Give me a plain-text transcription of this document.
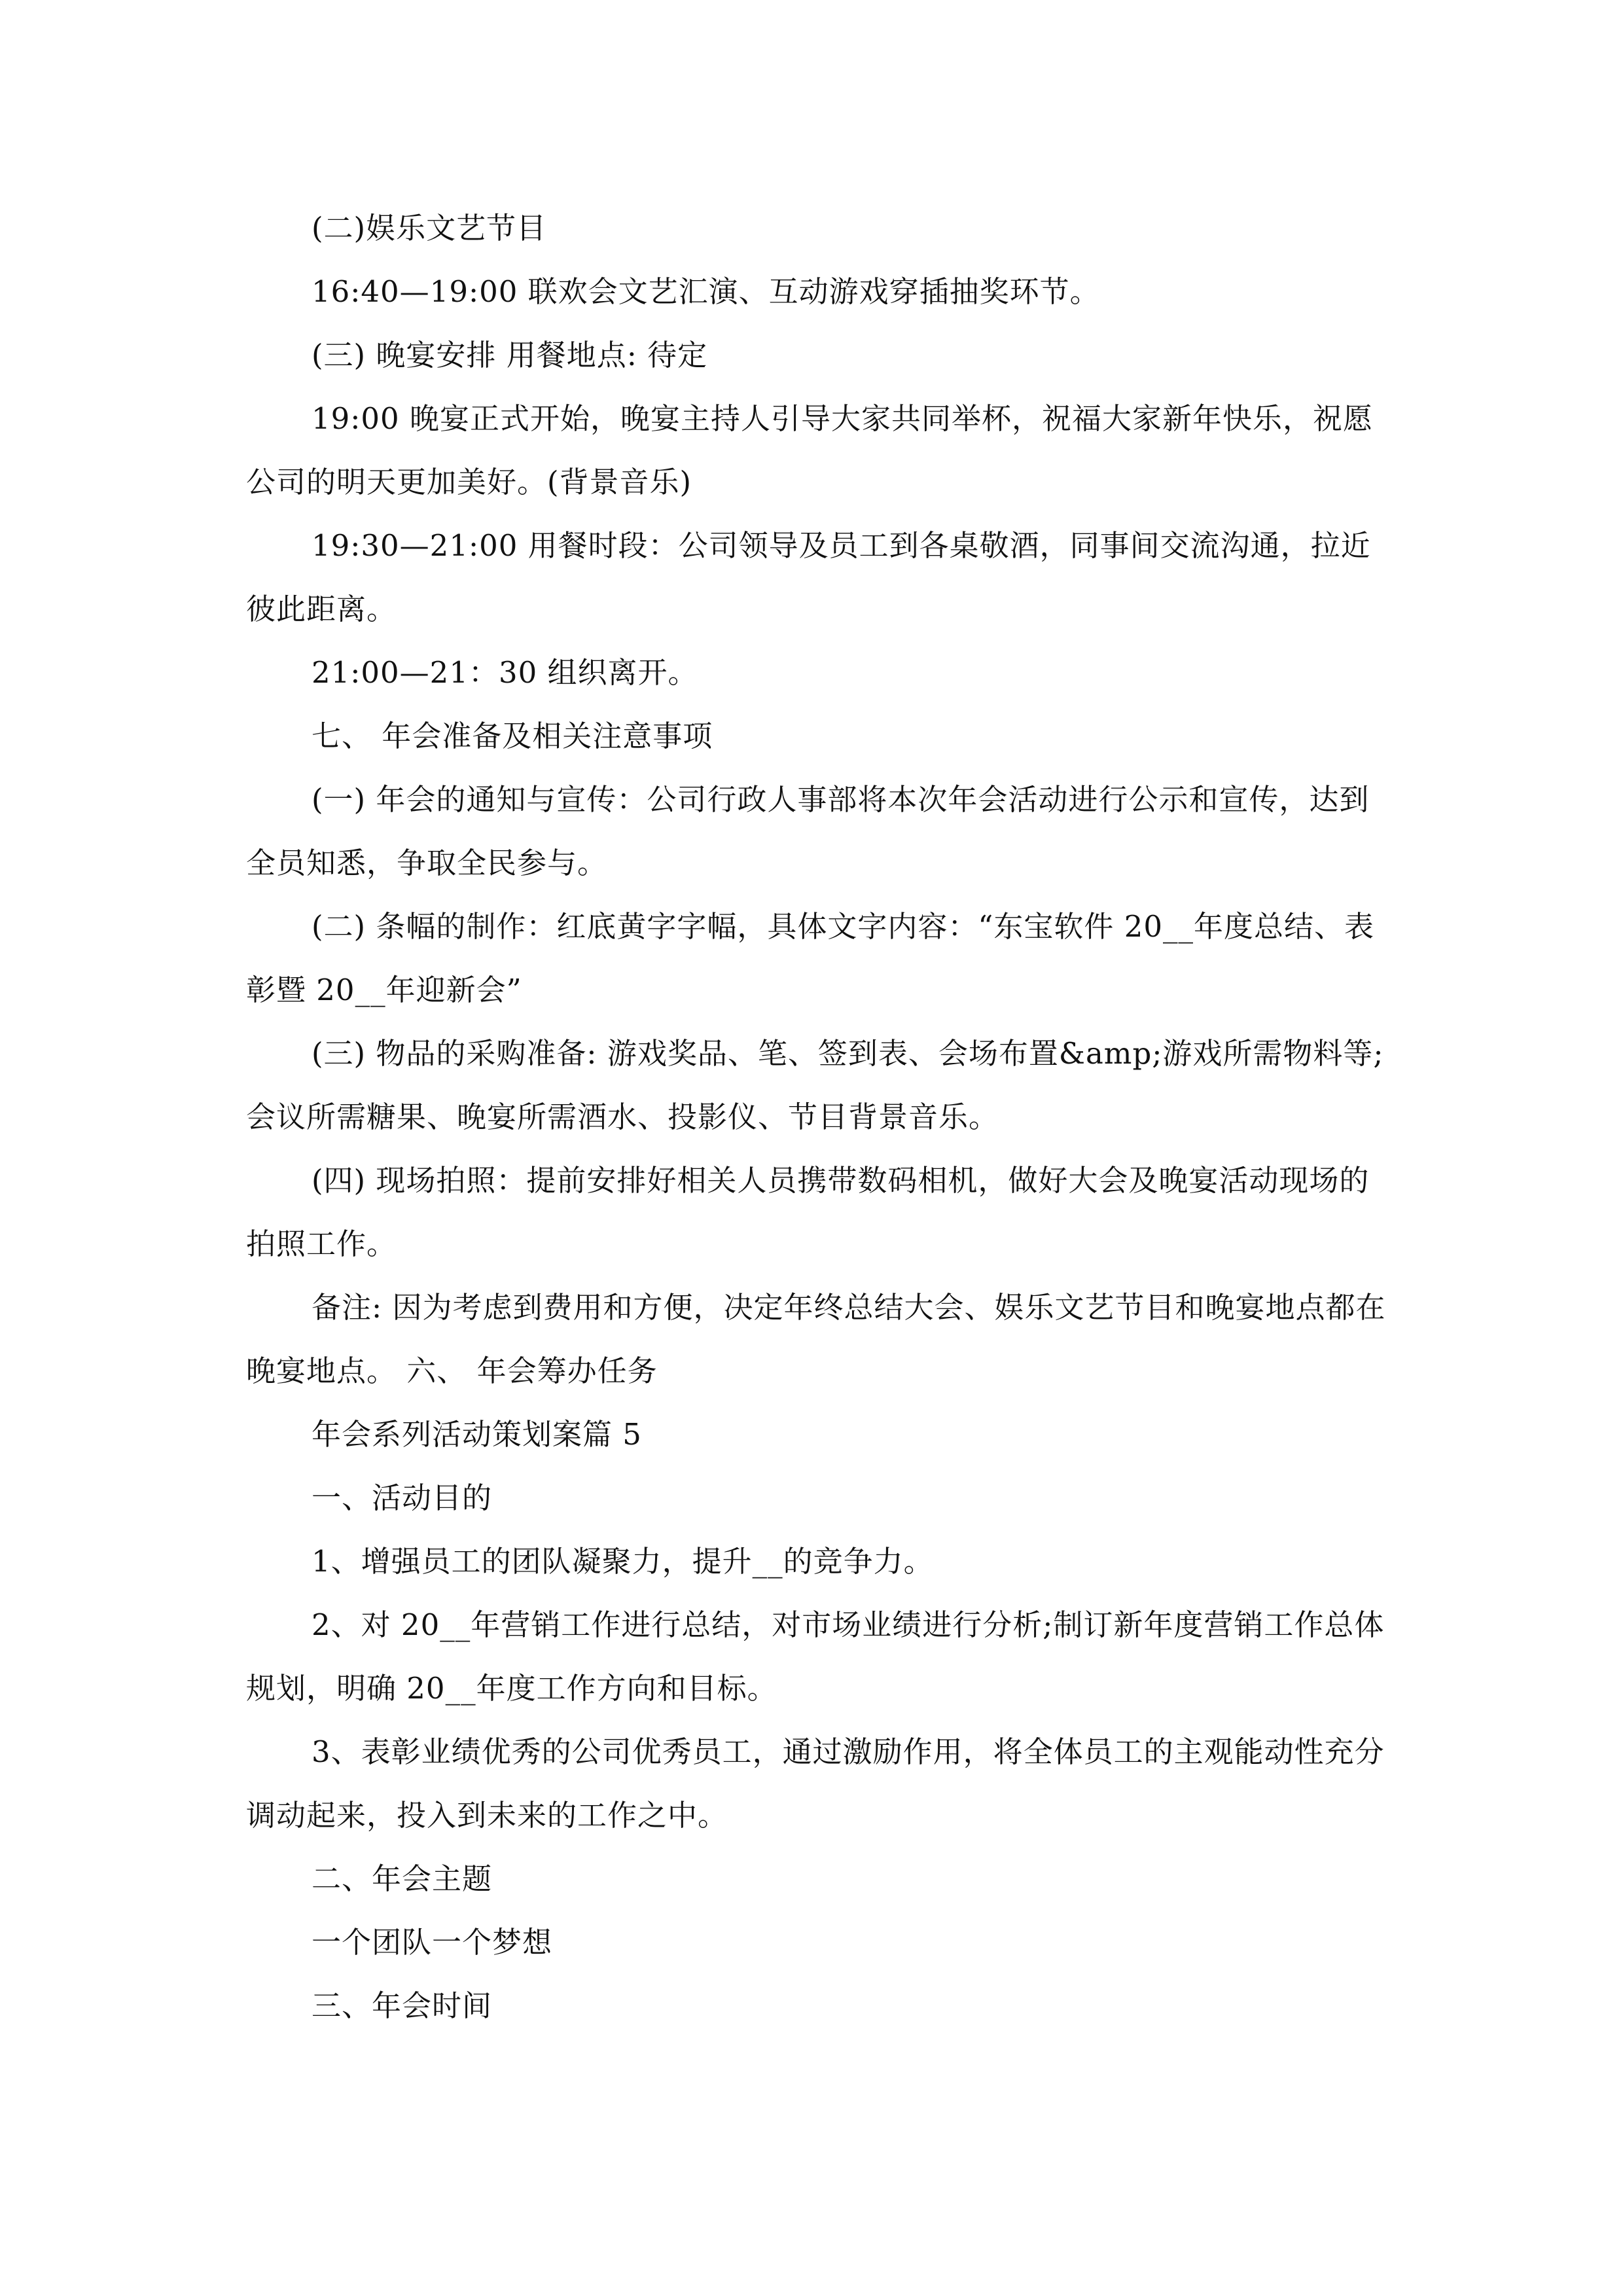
(二)娱乐文艺节目

16:40—19:00 联欢会文艺汇演、互动游戏穿插抽奖环节。

(三) 晚宴安排 用餐地点: 待定

19:00 晚宴正式开始，晚宴主持人引导大家共同举杯，祝福大家新年快乐，祝愿公司的明天更加美好。(背景音乐)

19:30—21:00 用餐时段：公司领导及员工到各桌敬酒，同事间交流沟通，拉近彼此距离。

21:00—21：30 组织离开。

七、 年会准备及相关注意事项

(一) 年会的通知与宣传：公司行政人事部将本次年会活动进行公示和宣传，达到全员知悉，争取全民参与。

(二) 条幅的制作：红底黄字字幅，具体文字内容：“东宝软件 20__年度总结、表彰暨 20__年迎新会”

(三) 物品的采购准备: 游戏奖品、笔、签到表、会场布置&amp;游戏所需物料等;会议所需糖果、晚宴所需酒水、投影仪、节目背景音乐。

(四) 现场拍照：提前安排好相关人员携带数码相机，做好大会及晚宴活动现场的拍照工作。

备注: 因为考虑到费用和方便，决定年终总结大会、娱乐文艺节目和晚宴地点都在晚宴地点。 六、 年会筹办任务

年会系列活动策划案篇 5

一、活动目的

1、增强员工的团队凝聚力，提升__的竞争力。

2、对 20__年营销工作进行总结，对市场业绩进行分析;制订新年度营销工作总体规划，明确 20__年度工作方向和目标。

3、表彰业绩优秀的公司优秀员工，通过激励作用，将全体员工的主观能动性充分调动起来，投入到未来的工作之中。

二、年会主题

一个团队一个梦想

三、年会时间
